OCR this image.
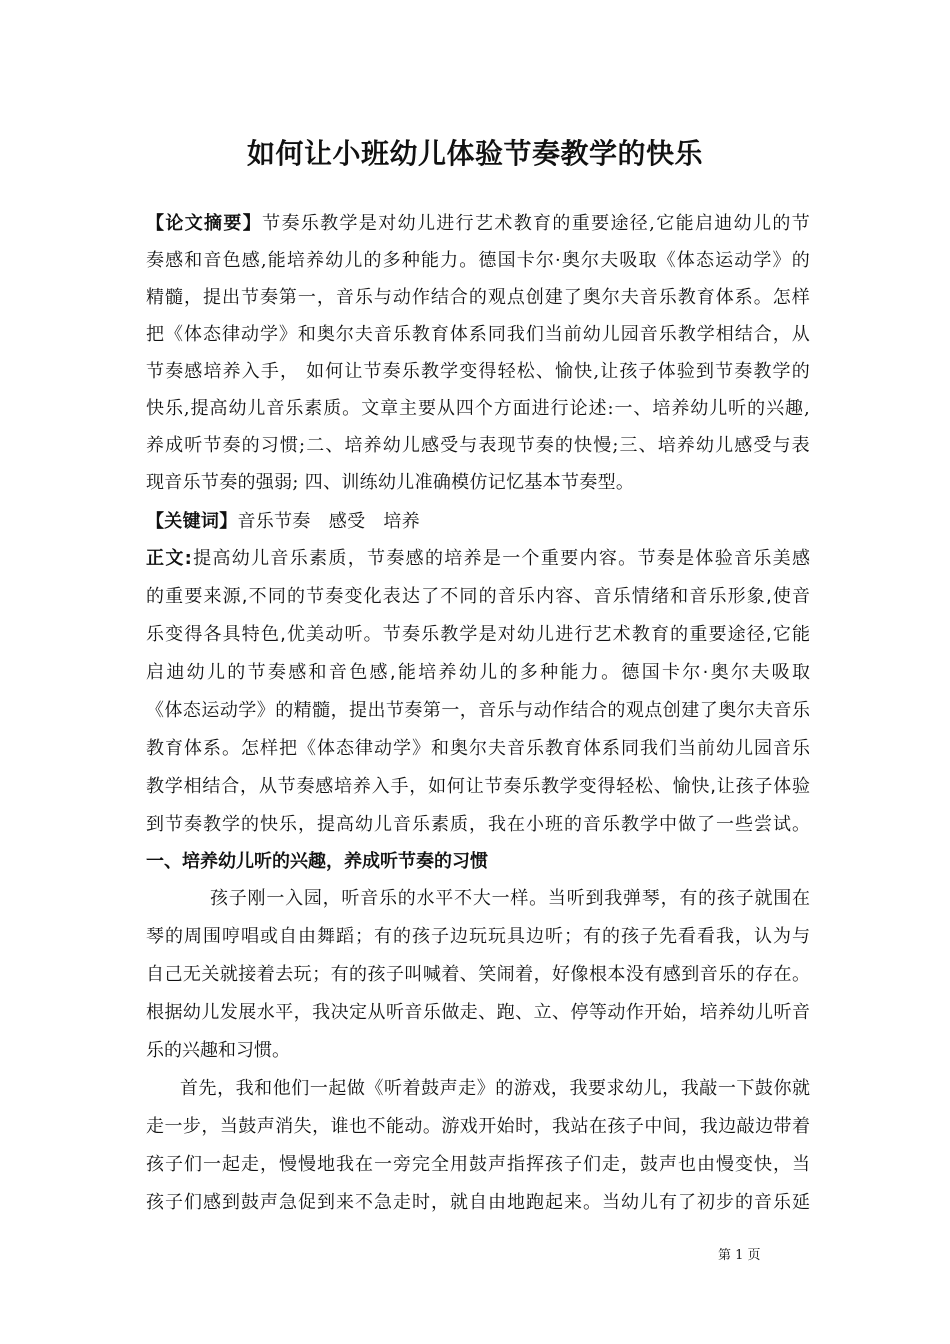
如何让小班幼儿体验节奏教学的快乐
【论文摘要】节奏乐教学是对幼儿进行艺术教育的重要途径,它能启迪幼儿的节
奏感和音色感,能培养幼儿的多种能力。德国卡尔·奥尔夫吸取《体态运动学》的
精髓，提出节奏第一，音乐与动作结合的观点创建了奥尔夫音乐教育体系。怎样
把《体态律动学》和奥尔夫音乐教育体系同我们当前幼儿园音乐教学相结合，从
节奏感培养入手， 如何让节奏乐教学变得轻松、愉快,让孩子体验到节奏教学的
快乐,提高幼儿音乐素质。文章主要从四个方面进行论述:一、培养幼儿听的兴趣,
养成听节奏的习惯;二、培养幼儿感受与表现节奏的快慢;三、培养幼儿感受与表
现音乐节奏的强弱; 四、训练幼儿准确模仿记忆基本节奏型。
【关键词】音乐节奏   感受   培养
正文:提高幼儿音乐素质，节奏感的培养是一个重要内容。节奏是体验音乐美感
的重要来源,不同的节奏变化表达了不同的音乐内容、音乐情绪和音乐形象,使音
乐变得各具特色,优美动听。节奏乐教学是对幼儿进行艺术教育的重要途径,它能
启迪幼儿的节奏感和音色感,能培养幼儿的多种能力。德国卡尔·奥尔夫吸取
《体态运动学》的精髓，提出节奏第一，音乐与动作结合的观点创建了奥尔夫音乐
教育体系。怎样把《体态律动学》和奥尔夫音乐教育体系同我们当前幼儿园音乐
教学相结合，从节奏感培养入手，如何让节奏乐教学变得轻松、愉快,让孩子体验
到节奏教学的快乐，提高幼儿音乐素质，我在小班的音乐教学中做了一些尝试。
一、培养幼儿听的兴趣，养成听节奏的习惯
孩子刚一入园，听音乐的水平不大一样。当听到我弹琴，有的孩子就围在
琴的周围哼唱或自由舞蹈；有的孩子边玩玩具边听；有的孩子先看看我，认为与
自己无关就接着去玩；有的孩子叫喊着、笑闹着，好像根本没有感到音乐的存在。
根据幼儿发展水平，我决定从听音乐做走、跑、立、停等动作开始，培养幼儿听音
乐的兴趣和习惯。
首先，我和他们一起做《听着鼓声走》的游戏，我要求幼儿，我敲一下鼓你就
走一步，当鼓声消失，谁也不能动。游戏开始时，我站在孩子中间，我边敲边带着
孩子们一起走，慢慢地我在一旁完全用鼓声指挥孩子们走，鼓声也由慢变快，当
孩子们感到鼓声急促到来不急走时，就自由地跑起来。当幼儿有了初步的音乐延
第 1 页
